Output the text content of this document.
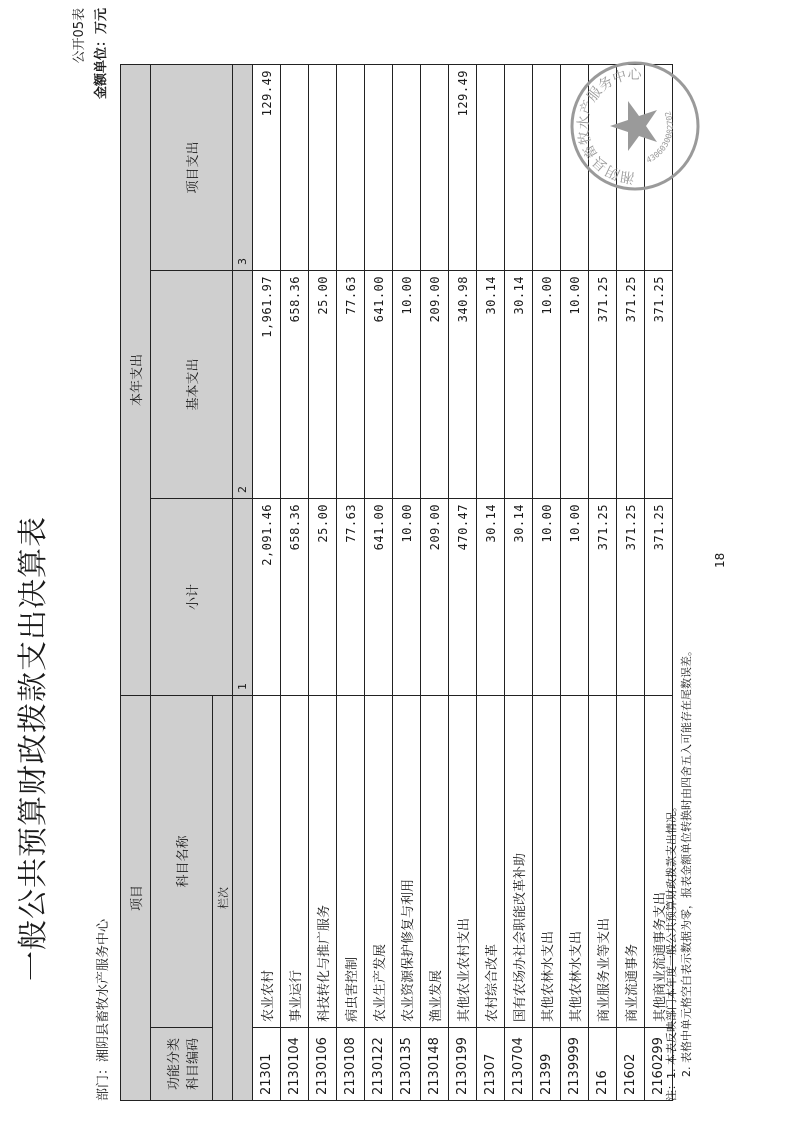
一般公共预算财政拨款支出决算表
公开05表
部门：湘阴县畜牧水产服务中心
金额单位：万元
项目		本年支出		
功能分类科目编码	科目名称	小计	基本支出	项目支出
栏次				
		1	2	3
21301	农业农村	2,091.46	1,961.97	129.49
2130104	事业运行	658.36	658.36	
2130106	科技转化与推广服务	25.00	25.00	
2130108	病虫害控制	77.63	77.63	
2130122	农业生产发展	641.00	641.00	
2130135	农业资源保护修复与利用	10.00	10.00	
2130148	渔业发展	209.00	209.00	
2130199	其他农业农村支出	470.47	340.98	129.49
21307	农村综合改革	30.14	30.14	
2130704	国有农场办社会职能改革补助	30.14	30.14	
21399	其他农林水支出	10.00	10.00	
2139999	其他农林水支出	10.00	10.00	
216	商业服务业等支出	371.25	371.25	
21602	商业流通事务	371.25	371.25	
2160299	其他商业流通事务支出	371.25	371.25	
注：1. 本表反映部门本年度一般公共预算财政拨款支出情况。 2. 表格中单元格空白表示数据为零，报表金额单位转换时由四舍五入可能存在尾数误差。
18
湘阴县畜牧水产服务中心
4306030002702
